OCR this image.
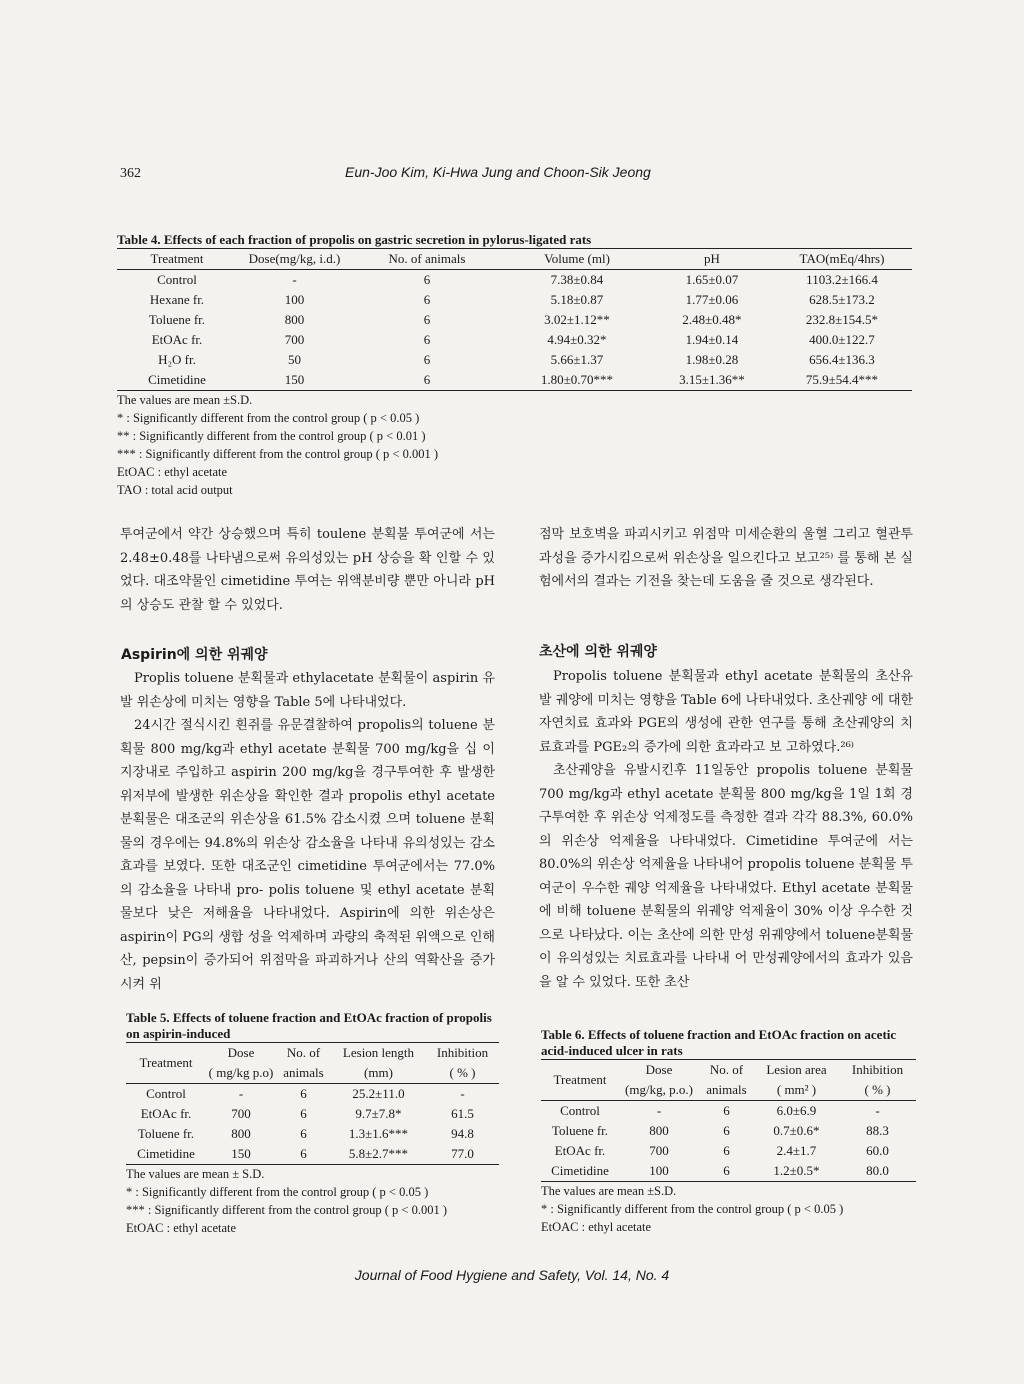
362	Eun-Joo Kim, Ki-Hwa Jung and Choon-Sik Jeong
Table 4. Effects of each fraction of propolis on gastric secretion in pylorus-ligated rats
Treatment	Dose(mg/kg, i.d.)	No. of animals	Volume (ml)	pH	TAO(mEq/4hrs)
Control	-	6	7.38±0.84	1.65±0.07	1103.2±166.4
Hexane fr.	100	6	5.18±0.87	1.77±0.06	628.5±173.2
Toluene fr.	800	6	3.02±1.12**	2.48±0.48*	232.8±154.5*
EtOAc fr.	700	6	4.94±0.32*	1.94±0.14	400.0±122.7
H₂O fr.	50	6	5.66±1.37	1.98±0.28	656.4±136.3
Cimetidine	150	6	1.80±0.70***	3.15±1.36**	75.9±54.4***
The values are mean ±S.D.
* : Significantly different from the control group ( p < 0.05 )
** : Significantly different from the control group ( p < 0.01 )
*** : Significantly different from the control group ( p < 0.001 )
EtOAC : ethyl acetate
TAO : total acid output

투여군에서 약간 상승했으며 특히 toulene 분획불 투여군에 서는 2.48±0.48를 나타냄으로써 유의성있는 pH 상승을 확 인할 수 있었다. 대조약물인 cimetidine 투여는 위액분비량 뿐만 아니라 pH의 상승도 관찰 할 수 있었다.

Aspirin에 의한 위궤양

Proplis toluene 분획물과 ethylacetate 분획물이 aspirin 유발 위손상에 미치는 영향을 Table 5에 나타내었다.

24시간 절식시킨 흰쥐를 유문결찰하여 propolis의 toluene 분획물 800 mg/kg과 ethyl acetate 분획물 700 mg/kg을 십 이지장내로 주입하고 aspirin 200 mg/kg을 경구투여한 후 발생한 위저부에 발생한 위손상을 확인한 결과 propolis ethyl acetate 분획물은 대조군의 위손상을 61.5% 감소시켰 으며 toluene 분획물의 경우에는 94.8%의 위손상 감소율을 나타내 유의성있는 감소효과를 보였다. 또한 대조군인 cimetidine 투여군에서는 77.0%의 감소율을 나타내 pro- polis toluene 및 ethyl acetate 분획물보다 낮은 저해율을 나타내었다. Aspirin에 의한 위손상은 aspirin이 PG의 생합 성을 억제하며 과량의 축적된 위액으로 인해 산, pepsin이 증가되어 위점막을 파괴하거나 산의 역확산을 증가시켜 위

점막 보호벽을 파괴시키고 위점막 미세순환의 울혈 그리고 혈관투과성을 증가시킴으로써 위손상을 일으킨다고 보고²⁵⁾ 를 통해 본 실험에서의 결과는 기전을 찾는데 도움을 줄 것으로 생각된다.

초산에 의한 위궤양

Propolis toluene 분획물과 ethyl acetate 분획물의 초산유 발 궤양에 미치는 영향을 Table 6에 나타내었다. 초산궤양 에 대한 자연치료 효과와 PGE의 생성에 관한 연구를 통해 초산궤양의 치료효과를 PGE₂의 증가에 의한 효과라고 보 고하였다.²⁶⁾

초산궤양을 유발시킨후 11일동안 propolis toluene 분획물 700 mg/kg과 ethyl acetate 분획물 800 mg/kg을 1일 1회 경구투여한 후 위손상 억제정도를 측정한 결과 각각 88.3%, 60.0%의 위손상 억제율을 나타내었다. Cimetidine 투여군에 서는 80.0%의 위손상 억제율을 나타내어 propolis toluene 분획물 투여군이 우수한 궤양 억제율을 나타내었다. Ethyl acetate 분획물에 비해 toluene 분획물의 위궤양 억제율이 30% 이상 우수한 것으로 나타났다. 이는 초산에 의한 만성 위궤양에서 toluene분획물이 유의성있는 치료효과를 나타내 어 만성궤양에서의 효과가 있음을 알 수 있었다. 또한 초산

Table 5. Effects of toluene fraction and EtOAc fraction of propolis on aspirin-induced
Treatment	Dose	No. of	Lesion length	Inhibition
	( mg/kg p.o)	animals	(mm)	( % )
Control	-	6	25.2±11.0	-
EtOAc fr.	700	6	9.7±7.8*	61.5
Toluene fr.	800	6	1.3±1.6***	94.8
Cimetidine	150	6	5.8±2.7***	77.0
The values are mean ± S.D.
* : Significantly different from the control group ( p < 0.05 )
*** : Significantly different from the control group ( p < 0.001 )
EtOAC : ethyl acetate
Table 6. Effects of toluene fraction and EtOAc fraction on acetic acid-induced ulcer in rats
Treatment	Dose	No. of	Lesion area	Inhibition
	(mg/kg, p.o.)	animals	( mm² )	( % )
Control	-	6	6.0±6.9	-
Toluene fr.	800	6	0.7±0.6*	88.3
EtOAc fr.	700	6	2.4±1.7	60.0
Cimetidine	100	6	1.2±0.5*	80.0
The values are mean ±S.D.
* : Significantly different from the control group ( p < 0.05 )
EtOAC : ethyl acetate
Journal of Food Hygiene and Safety, Vol. 14, No. 4
